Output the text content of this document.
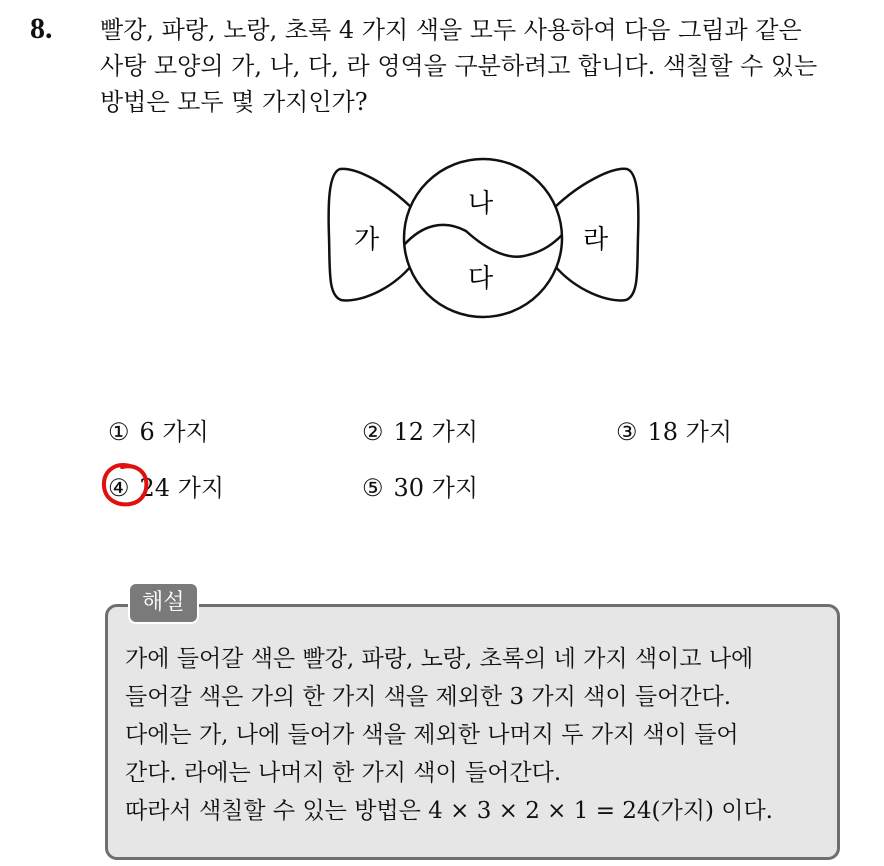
8. 빨강, 파랑, 노랑, 초록 4 가지 색을 모두 사용하여 다음 그림과 같은
사탕 모양의 가, 나, 다, 라 영역을 구분하려고 합니다. 색칠할 수 있는
방법은 모두 몇 가지인가?
가
나
다
라
① 6 가지	② 12 가지	③ 18 가지
④ 24 가지	⑤ 30 가지
해설
가에 들어갈 색은 빨강, 파랑, 노랑, 초록의 네 가지 색이고 나에
들어갈 색은 가의 한 가지 색을 제외한 3 가지 색이 들어간다.
다에는 가, 나에 들어가 색을 제외한 나머지 두 가지 색이 들어
간다. 라에는 나머지 한 가지 색이 들어간다.
따라서 색칠할 수 있는 방법은 4 × 3 × 2 × 1 = 24(가지) 이다.
